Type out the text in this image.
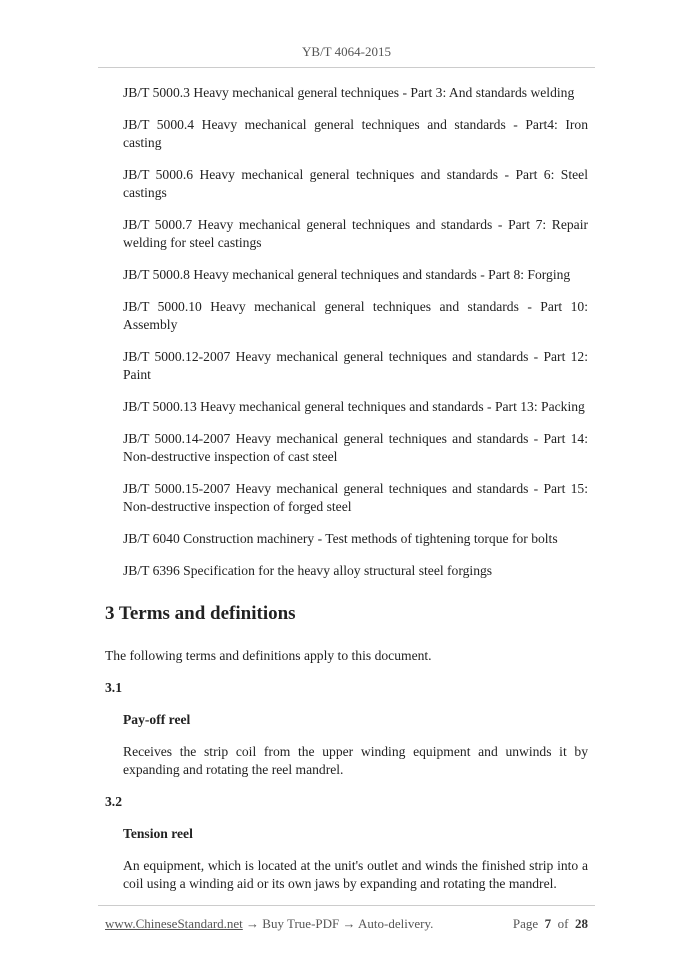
YB/T 4064-2015

JB/T 5000.3 Heavy mechanical general techniques - Part 3: And standards welding

JB/T 5000.4 Heavy mechanical general techniques and standards - Part4: Iron casting

JB/T 5000.6 Heavy mechanical general techniques and standards - Part 6: Steel castings

JB/T 5000.7 Heavy mechanical general techniques and standards - Part 7: Repair welding for steel castings

JB/T 5000.8 Heavy mechanical general techniques and standards - Part 8: Forging

JB/T 5000.10 Heavy mechanical general techniques and standards - Part 10: Assembly

JB/T 5000.12-2007 Heavy mechanical general techniques and standards - Part 12: Paint

JB/T 5000.13 Heavy mechanical general techniques and standards - Part 13: Packing

JB/T 5000.14-2007 Heavy mechanical general techniques and standards - Part 14: Non-destructive inspection of cast steel

JB/T 5000.15-2007 Heavy mechanical general techniques and standards - Part 15: Non-destructive inspection of forged steel

JB/T 6040 Construction machinery - Test methods of tightening torque for bolts

JB/T 6396 Specification for the heavy alloy structural steel forgings

3 Terms and definitions

The following terms and definitions apply to this document.

3.1

Pay-off reel

Receives the strip coil from the upper winding equipment and unwinds it by expanding and rotating the reel mandrel.

3.2

Tension reel

An equipment, which is located at the unit's outlet and winds the finished strip into a coil using a winding aid or its own jaws by expanding and rotating the mandrel.

www.ChineseStandard.net → Buy True-PDF → Auto-delivery.	Page 7 of 28
